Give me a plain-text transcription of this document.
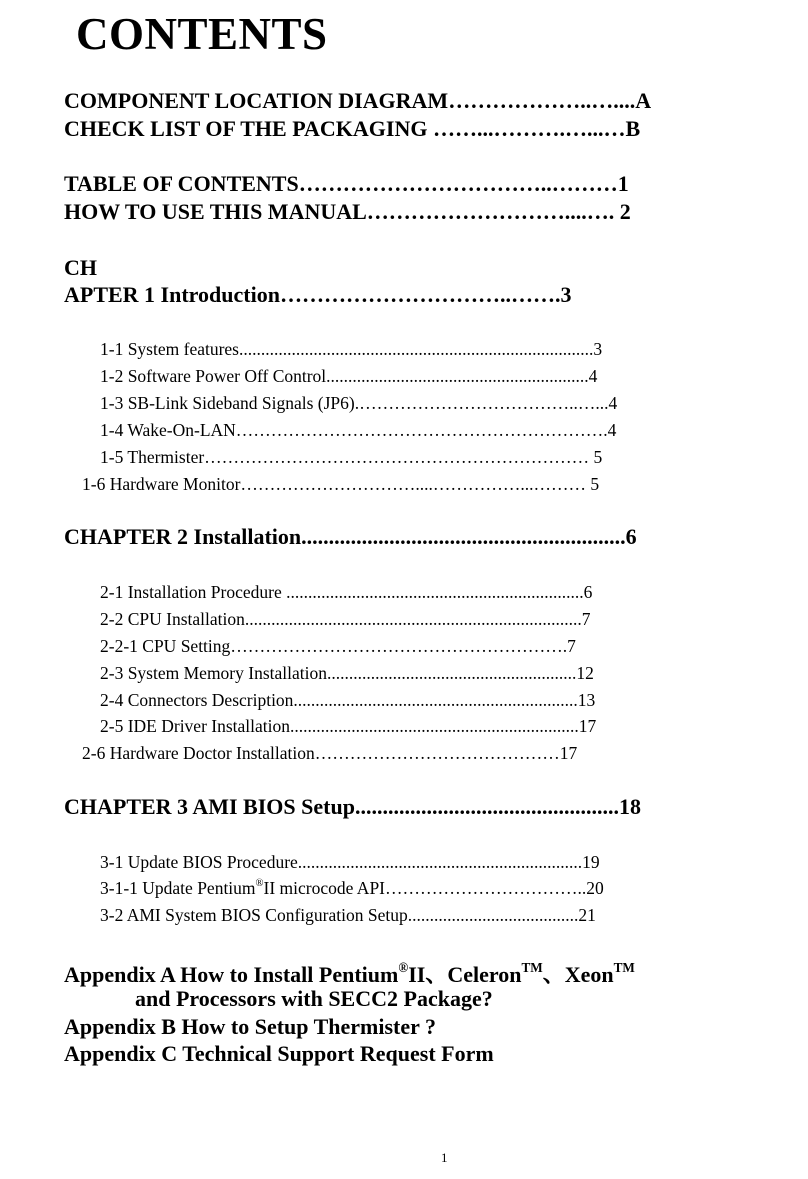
CONTENTS
COMPONENT LOCATION DIAGRAM………………..…....A
CHECK LIST OF THE PACKAGING ……...……….…...…B
TABLE OF CONTENTS……………………………..………1
HOW TO USE THIS MANUAL………………………....…. 2
CH
APTER 1 Introduction…………………………..…….3
1-1 System features.................................................................................3
1-2 Software Power Off Control............................................................4
1-3 SB-Link Sideband Signals (JP6).………………………………..…...4
1-4 Wake-On-LAN……………………………………………………….4
1-5 Thermister………………………………………………………… 5
1-6 Hardware Monitor…………………………....……………...……… 5
CHAPTER 2 Installation...........................................................6
2-1 Installation Procedure ....................................................................6
2-2 CPU Installation.............................................................................7
2-2-1 CPU Setting………………………………………………….7
2-3 System Memory Installation.........................................................12
2-4 Connectors Description.................................................................13
2-5 IDE Driver Installation..................................................................17
2-6 Hardware Doctor Installation……………………………………17
CHAPTER 3 AMI BIOS Setup................................................18
3-1 Update BIOS Procedure.................................................................19
3-1-1 Update Pentium®II microcode API……………………………..20
3-2 AMI System BIOS Configuration Setup.......................................21
Appendix A How to Install Pentium®II、Celeron™、Xeon™
and Processors with SECC2 Package?
Appendix B How to Setup Thermister ?
Appendix C Technical Support Request Form
1
